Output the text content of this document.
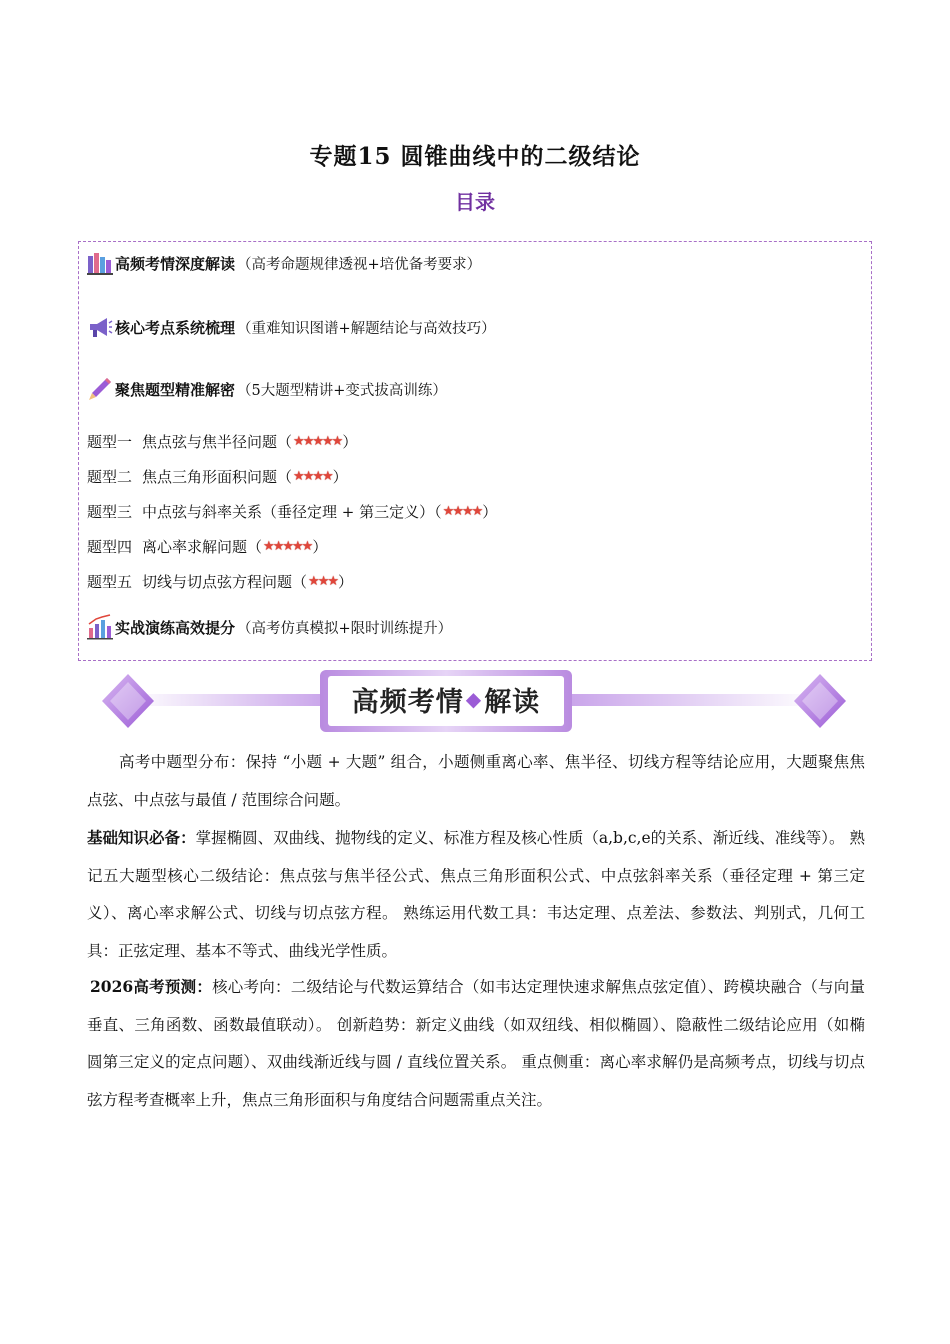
专题15 圆锥曲线中的二级结论
目录
高频考情深度解读 （高考命题规律透视+培优备考要求）
核心考点系统梳理 （重难知识图谱+解题结论与高效技巧）
聚焦题型精准解密 （5大题型精讲+变式拔高训练）
题型一 焦点弦与焦半径问题（ ★ ★ ★ ★ ★ ）
题型二 焦点三角形面积问题（ ★ ★ ★ ★ ）
题型三 中点弦与斜率关系（垂径定理 + 第三定义）（ ★ ★ ★ ★ ）
题型四 离心率求解问题（ ★ ★ ★ ★ ★ ）
题型五 切线与切点弦方程问题（ ★ ★ ★ ）
实战演练高效提分 （高考仿真模拟+限时训练提升）
高频考情 ◆ 解读

高考中题型分布：保持 “小题 + 大题” 组合，小题侧重离心率、焦半径、切线方程等结论应用，大题聚焦焦点弦、中点弦与最值 / 范围综合问题。

基础知识必备：掌握椭圆、双曲线、抛物线的定义、标准方程及核心性质（a,b,c,e的关系、渐近线、准线等）。 熟记五大题型核心二级结论：焦点弦与焦半径公式、焦点三角形面积公式、中点弦斜率关系（垂径定理 + 第三定义）、离心率求解公式、切线与切点弦方程。 熟练运用代数工具：韦达定理、点差法、参数法、判别式，几何工具：正弦定理、基本不等式、曲线光学性质。

2026高考预测：核心考向：二级结论与代数运算结合（如韦达定理快速求解焦点弦定值）、跨模块融合（与向量垂直、三角函数、函数最值联动）。 创新趋势：新定义曲线（如双纽线、相似椭圆）、隐蔽性二级结论应用（如椭圆第三定义的定点问题）、双曲线渐近线与圆 / 直线位置关系。 重点侧重：离心率求解仍是高频考点，切线与切点弦方程考查概率上升，焦点三角形面积与角度结合问题需重点关注。
